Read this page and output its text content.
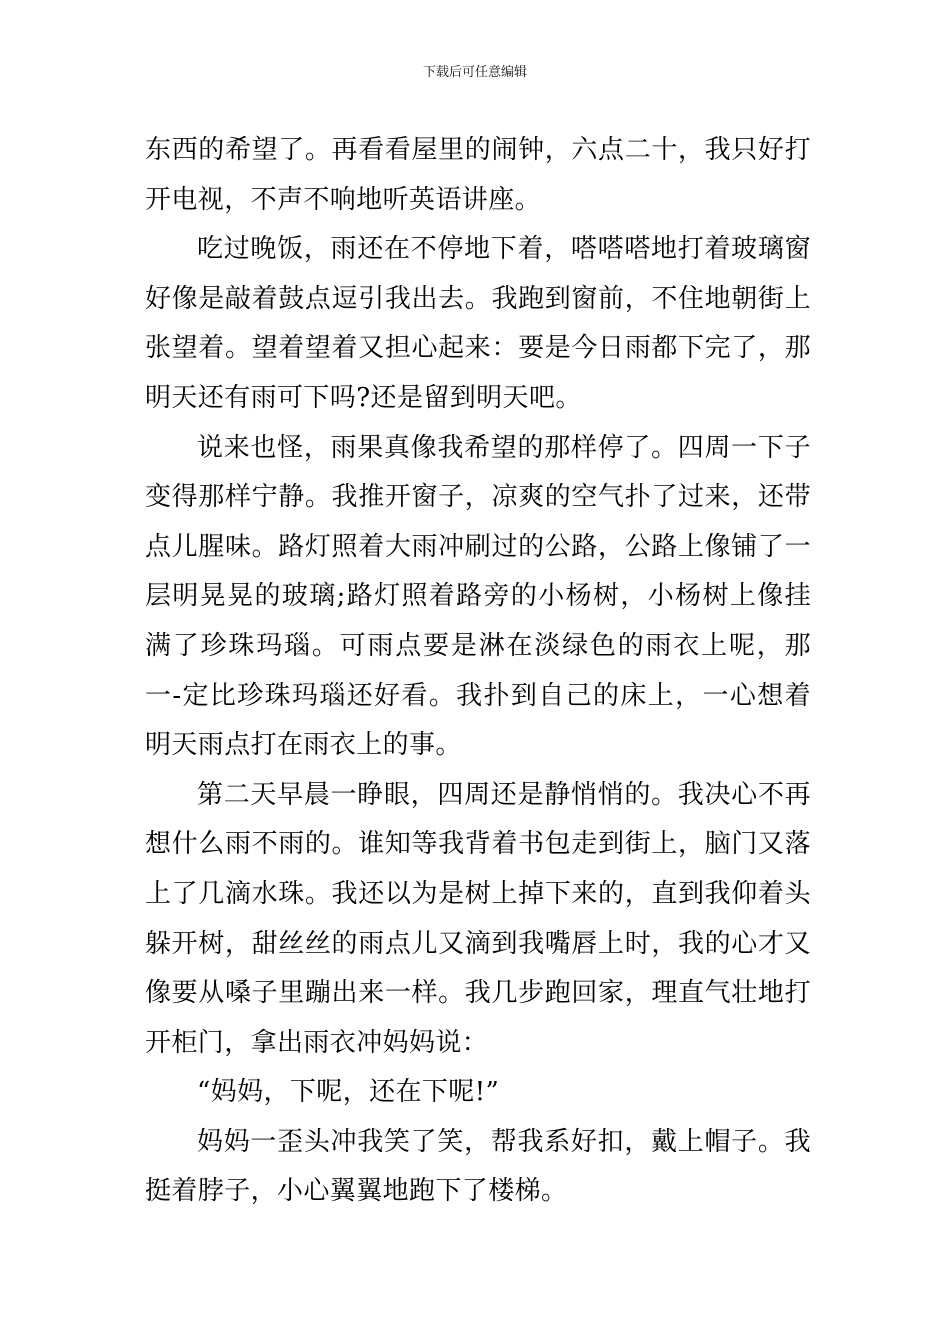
下载后可任意编辑

东西的希望了。再看看屋里的闹钟，六点二十，我只好打开电视，不声不响地听英语讲座。

吃过晚饭，雨还在不停地下着，嗒嗒嗒地打着玻璃窗好像是敲着鼓点逗引我出去。我跑到窗前，不住地朝街上张望着。望着望着又担心起来：要是今日雨都下完了，那明天还有雨可下吗?还是留到明天吧。

说来也怪，雨果真像我希望的那样停了。四周一下子变得那样宁静。我推开窗子，凉爽的空气扑了过来，还带点儿腥味。路灯照着大雨冲刷过的公路，公路上像铺了一层明晃晃的玻璃;路灯照着路旁的小杨树，小杨树上像挂满了珍珠玛瑙。可雨点要是淋在淡绿色的雨衣上呢，那一-定比珍珠玛瑙还好看。我扑到自己的床上，一心想着明天雨点打在雨衣上的事。

第二天早晨一睁眼，四周还是静悄悄的。我决心不再想什么雨不雨的。谁知等我背着书包走到街上，脑门又落上了几滴水珠。我还以为是树上掉下来的，直到我仰着头躲开树，甜丝丝的雨点儿又滴到我嘴唇上时，我的心才又像要从嗓子里蹦出来一样。我几步跑回家，理直气壮地打开柜门，拿出雨衣冲妈妈说：

“妈妈，下呢，还在下呢!”

妈妈一歪头冲我笑了笑，帮我系好扣，戴上帽子。我挺着脖子，小心翼翼地跑下了楼梯。
